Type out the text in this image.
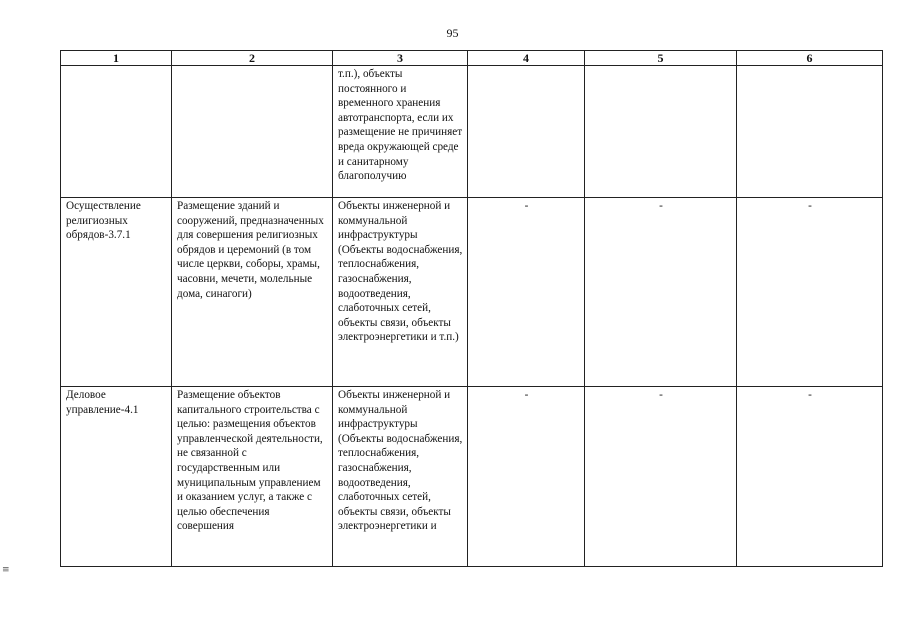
95
≡
1	2	3	4	5	6

		т.п.), объекты постоянного и временного хранения автотранспорта, если их размещение не причиняет вреда окружающей среде и санитарному благополучию			

Осуществление религиозных обрядов-3.7.1	Размещение зданий и сооружений, предназначенных для совершения религиозных обрядов и церемоний (в том числе церкви, соборы, храмы, часовни, мечети, молельные дома, синагоги)	Объекты инженерной и коммунальной инфраструктуры (Объекты водоснабжения, теплоснабжения, газоснабжения, водоотведения, слаботочных сетей, объекты связи, объекты электроэнергетики и т.п.)	-	-	-
Деловое управление-4.1	Размещение объектов капитального строительства с целью: размещения объектов управленческой деятельности, не связанной с государственным или муниципальным управлением и оказанием услуг, а также с целью обеспечения совершения	Объекты инженерной и коммунальной инфраструктуры (Объекты водоснабжения, теплоснабжения, газоснабжения, водоотведения, слаботочных сетей, объекты связи, объекты электроэнергетики и	-	-	-
